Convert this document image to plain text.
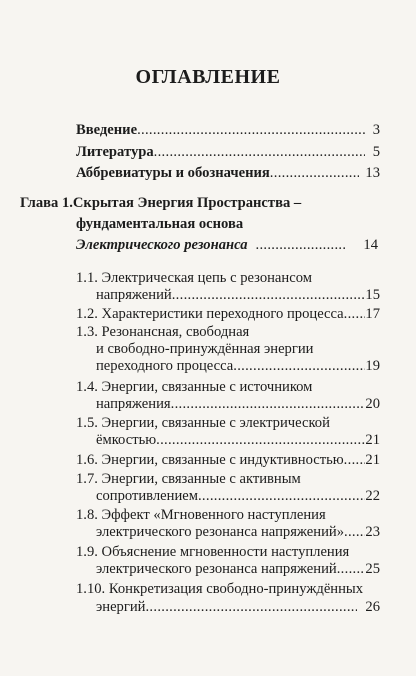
ОГЛАВЛЕНИЕ
Введение .....	3
Литература .....	5
Аббревиатуры и обозначения .....	13
Глава 1.Скрытая Энергия Пространства –
фундаментальная основа
Электрического резонанса .....	14
1.1. Электрическая цепь с резонансом
напряжений .....	15
1.2. Характеристики переходного процесса ..... 17
1.3. Резонансная, свободная
и свободно-принуждённая энергии
переходного процесса .....	19
1.4. Энергии, связанные с источником
напряжения .....	20
1.5. Энергии, связанные с электрической
ёмкостью .....	21
1.6. Энергии, связанные с индуктивностью ..... 21
1.7. Энергии, связанные с активным
сопротивлением .....	22
1.8. Эффект «Мгновенного наступления
электрического резонанса напряжений» ..... 23
1.9. Объяснение мгновенности наступления
электрического резонанса напряжений ..... 25
1.10. Конкретизация свободно-принуждённых
энергий .....	26
